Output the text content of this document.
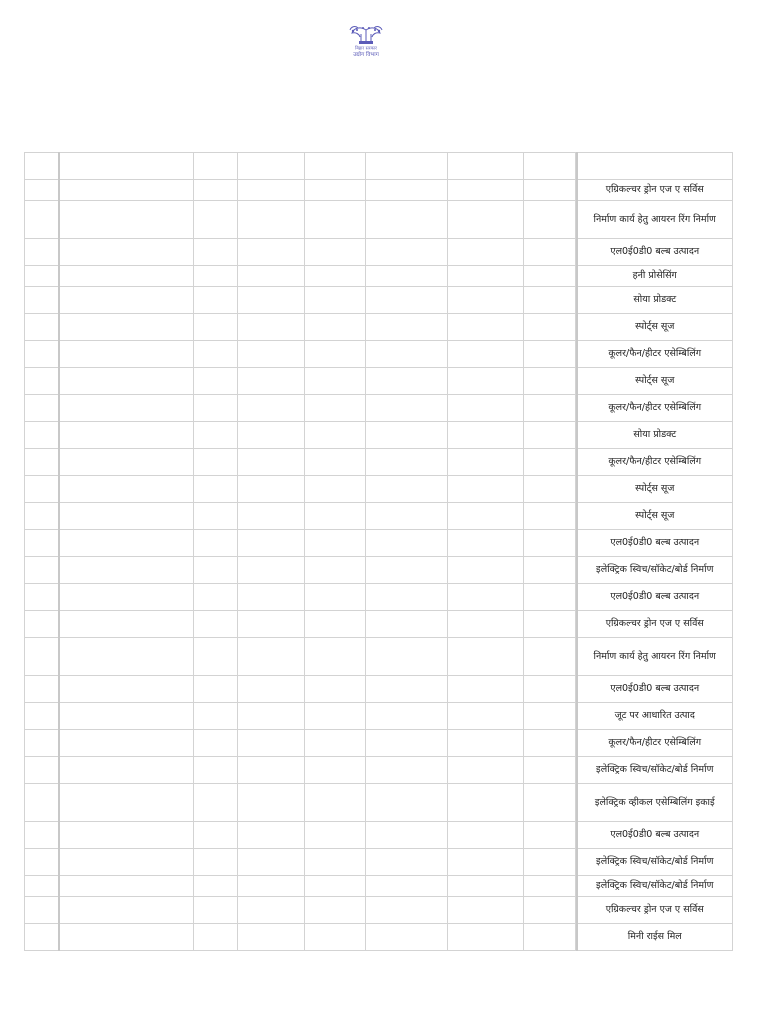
बिहार सरकार
उद्योग विभाग

									एग्रिकल्चर ड्रोन एज ए सर्विस
									निर्माण कार्य हेतु आयरन रिंग निर्माण
									एल0ई0डी0 बल्ब उत्पादन
									हनी प्रोसेसिंग
									सोया प्रोडक्ट
									स्पोर्ट्स सूज
									कूलर/फैन/हीटर एसेम्बिलिंग
									स्पोर्ट्स सूज
									कूलर/फैन/हीटर एसेम्बिलिंग
									सोया प्रोडक्ट
									कूलर/फैन/हीटर एसेम्बिलिंग
									स्पोर्ट्स सूज
									स्पोर्ट्स सूज
									एल0ई0डी0 बल्ब उत्पादन
									इलेक्ट्रिक स्विच/सॉकेट/बोर्ड निर्माण
									एल0ई0डी0 बल्ब उत्पादन
									एग्रिकल्चर ड्रोन एज ए सर्विस
									निर्माण कार्य हेतु आयरन रिंग निर्माण
									एल0ई0डी0 बल्ब उत्पादन
									जूट पर आधारित उत्पाद
									कूलर/फैन/हीटर एसेम्बिलिंग
									इलेक्ट्रिक स्विच/सॉकेट/बोर्ड निर्माण
									इलेक्ट्रिक व्हीकल एसेम्बिलिंग इकाई
									एल0ई0डी0 बल्ब उत्पादन
									इलेक्ट्रिक स्विच/सॉकेट/बोर्ड निर्माण
									इलेक्ट्रिक स्विच/सॉकेट/बोर्ड निर्माण
									एग्रिकल्चर ड्रोन एज ए सर्विस
									मिनी राईस मिल
